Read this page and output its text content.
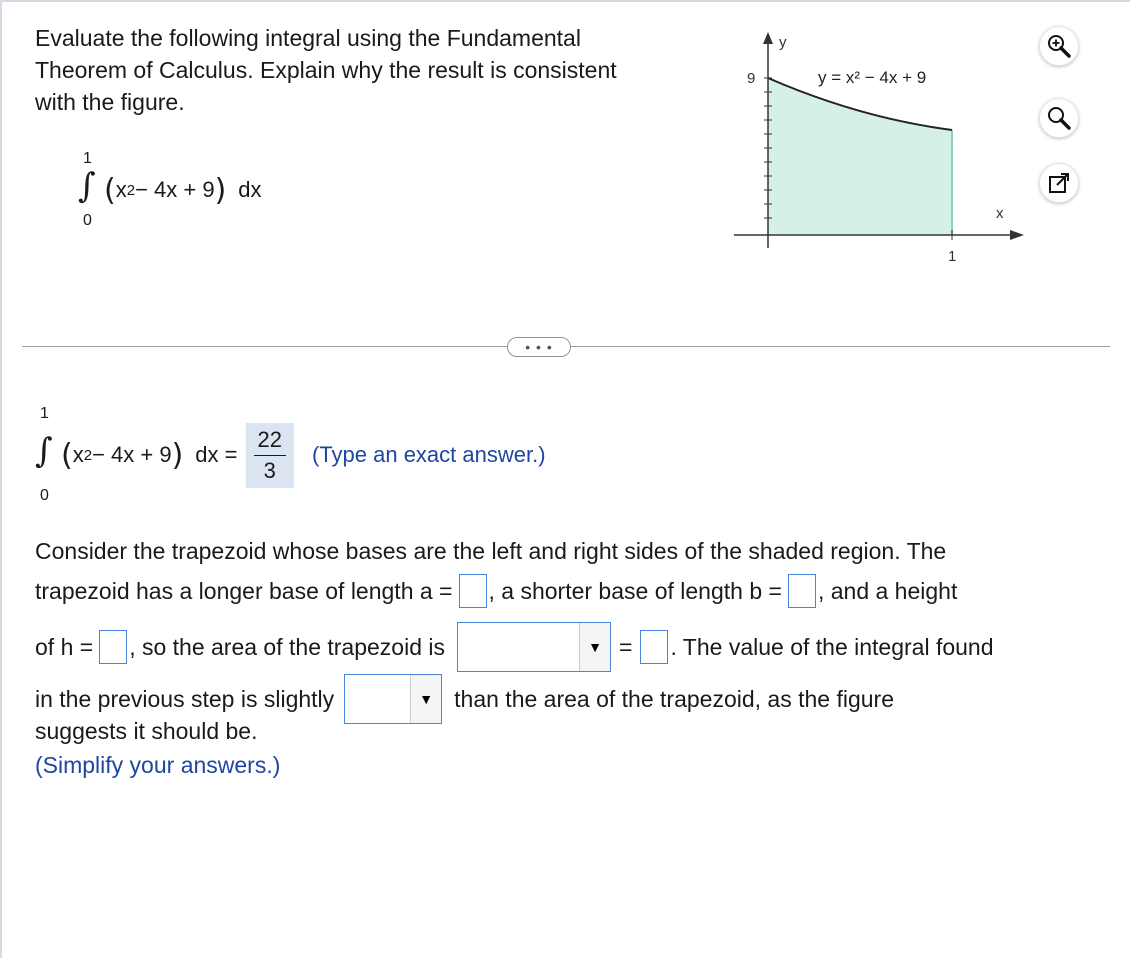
Evaluate the following integral using the Fundamental Theorem of Calculus. Explain why the result is consistent with the figure.
1
∫
0
( x 2 − 4x + 9 ) dx
y
x
9
1
y = x² − 4x + 9
• • •
1
∫
0
( x 2 − 4x + 9 ) dx = $\frac{22}{3}$ (Type an exact answer.)
Consider the trapezoid whose bases are the left and right sides of the shaded region. The
trapezoid has a longer base of length a = , a shorter base of length b = , and a height
of h = , so the area of the trapezoid is	▼ = . The value of the integral found
in the previous step is slightly	▼ than the area of the trapezoid, as the figure
suggests it should be.
(Simplify your answers.)
